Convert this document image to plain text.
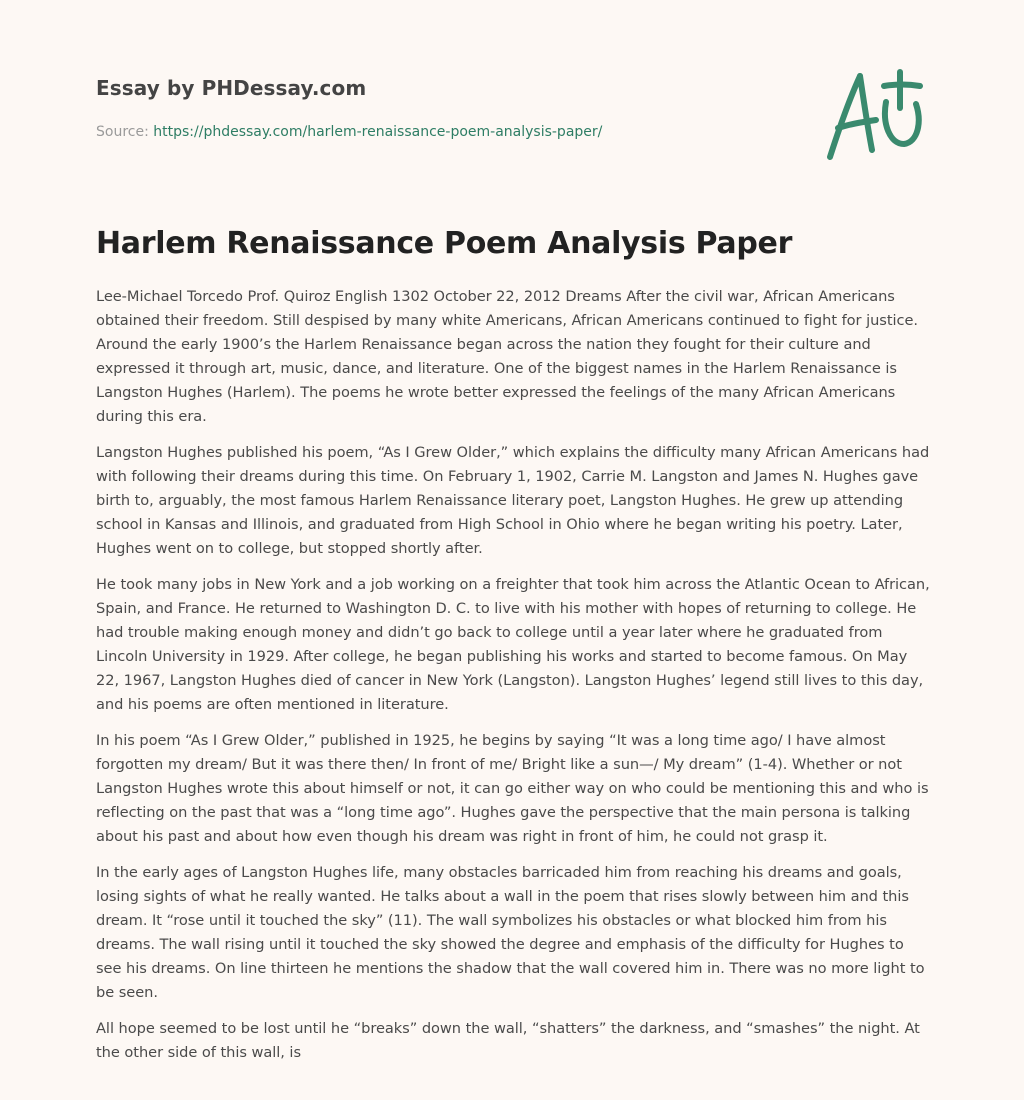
Essay by PHDessay.com
Source: https://phdessay.com/harlem-renaissance-poem-analysis-paper/
Harlem Renaissance Poem Analysis Paper

Lee-Michael Torcedo Prof. Quiroz English 1302 October 22, 2012 Dreams After the civil war, African Americans obtained their freedom. Still despised by many white Americans, African Americans continued to fight for justice. Around the early 1900’s the Harlem Renaissance began across the nation they fought for their culture and expressed it through art, music, dance, and literature. One of the biggest names in the Harlem Renaissance is Langston Hughes (Harlem). The poems he wrote better expressed the feelings of the many African Americans during this era.

Langston Hughes published his poem, “As I Grew Older,” which explains the difficulty many African Americans had with following their dreams during this time. On February 1, 1902, Carrie M. Langston and James N. Hughes gave birth to, arguably, the most famous Harlem Renaissance literary poet, Langston Hughes. He grew up attending school in Kansas and Illinois, and graduated from High School in Ohio where he began writing his poetry. Later, Hughes went on to college, but stopped shortly after.

He took many jobs in New York and a job working on a freighter that took him across the Atlantic Ocean to African, Spain, and France. He returned to Washington D. C. to live with his mother with hopes of returning to college. He had trouble making enough money and didn’t go back to college until a year later where he graduated from Lincoln University in 1929. After college, he began publishing his works and started to become famous. On May 22, 1967, Langston Hughes died of cancer in New York (Langston). Langston Hughes’ legend still lives to this day, and his poems are often mentioned in literature.

In his poem “As I Grew Older,” published in 1925, he begins by saying “It was a long time ago/ I have almost forgotten my dream/ But it was there then/ In front of me/ Bright like a sun—/ My dream” (1-4). Whether or not Langston Hughes wrote this about himself or not, it can go either way on who could be mentioning this and who is reflecting on the past that was a “long time ago”. Hughes gave the perspective that the main persona is talking about his past and about how even though his dream was right in front of him, he could not grasp it.

In the early ages of Langston Hughes life, many obstacles barricaded him from reaching his dreams and goals, losing sights of what he really wanted. He talks about a wall in the poem that rises slowly between him and this dream. It “rose until it touched the sky” (11). The wall symbolizes his obstacles or what blocked him from his dreams. The wall rising until it touched the sky showed the degree and emphasis of the difficulty for Hughes to see his dreams. On line thirteen he mentions the shadow that the wall covered him in. There was no more light to be seen.

All hope seemed to be lost until he “breaks” down the wall, “shatters” the darkness, and “smashes” the night. At the other side of this wall, is
